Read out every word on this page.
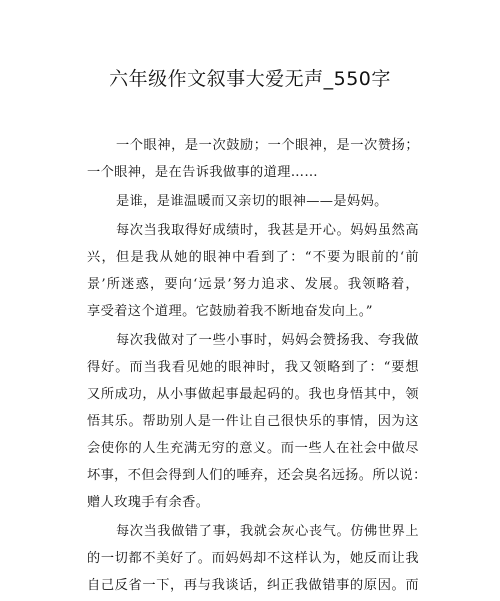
六年级作文叙事大爱无声_550字
一个眼神，是一次鼓励；一个眼神，是一次赞扬；
一个眼神，是在告诉我做事的道理……
是谁，是谁温暖而又亲切的眼神——是妈妈。
每次当我取得好成绩时，我甚是开心。妈妈虽然高
兴，但是我从她的眼神中看到了：“不要为眼前的‘前
景’所迷惑，要向‘远景’努力追求、发展。我领略着，
享受着这个道理。它鼓励着我不断地奋发向上。”
每次我做对了一些小事时，妈妈会赞扬我、夸我做
得好。而当我看见她的眼神时，我又领略到了：“要想
又所成功，从小事做起事最起码的。我也身悟其中，领
悟其乐。帮助别人是一件让自己很快乐的事情，因为这
会使你的人生充满无穷的意义。而一些人在社会中做尽
坏事，不但会得到人们的唾弃，还会臭名远扬。所以说：
赠人玫瑰手有余香。
每次当我做错了事，我就会灰心丧气。仿佛世界上
的一切都不美好了。而妈妈却不这样认为，她反而让我
自己反省一下，再与我谈话，纠正我做错事的原因。而
